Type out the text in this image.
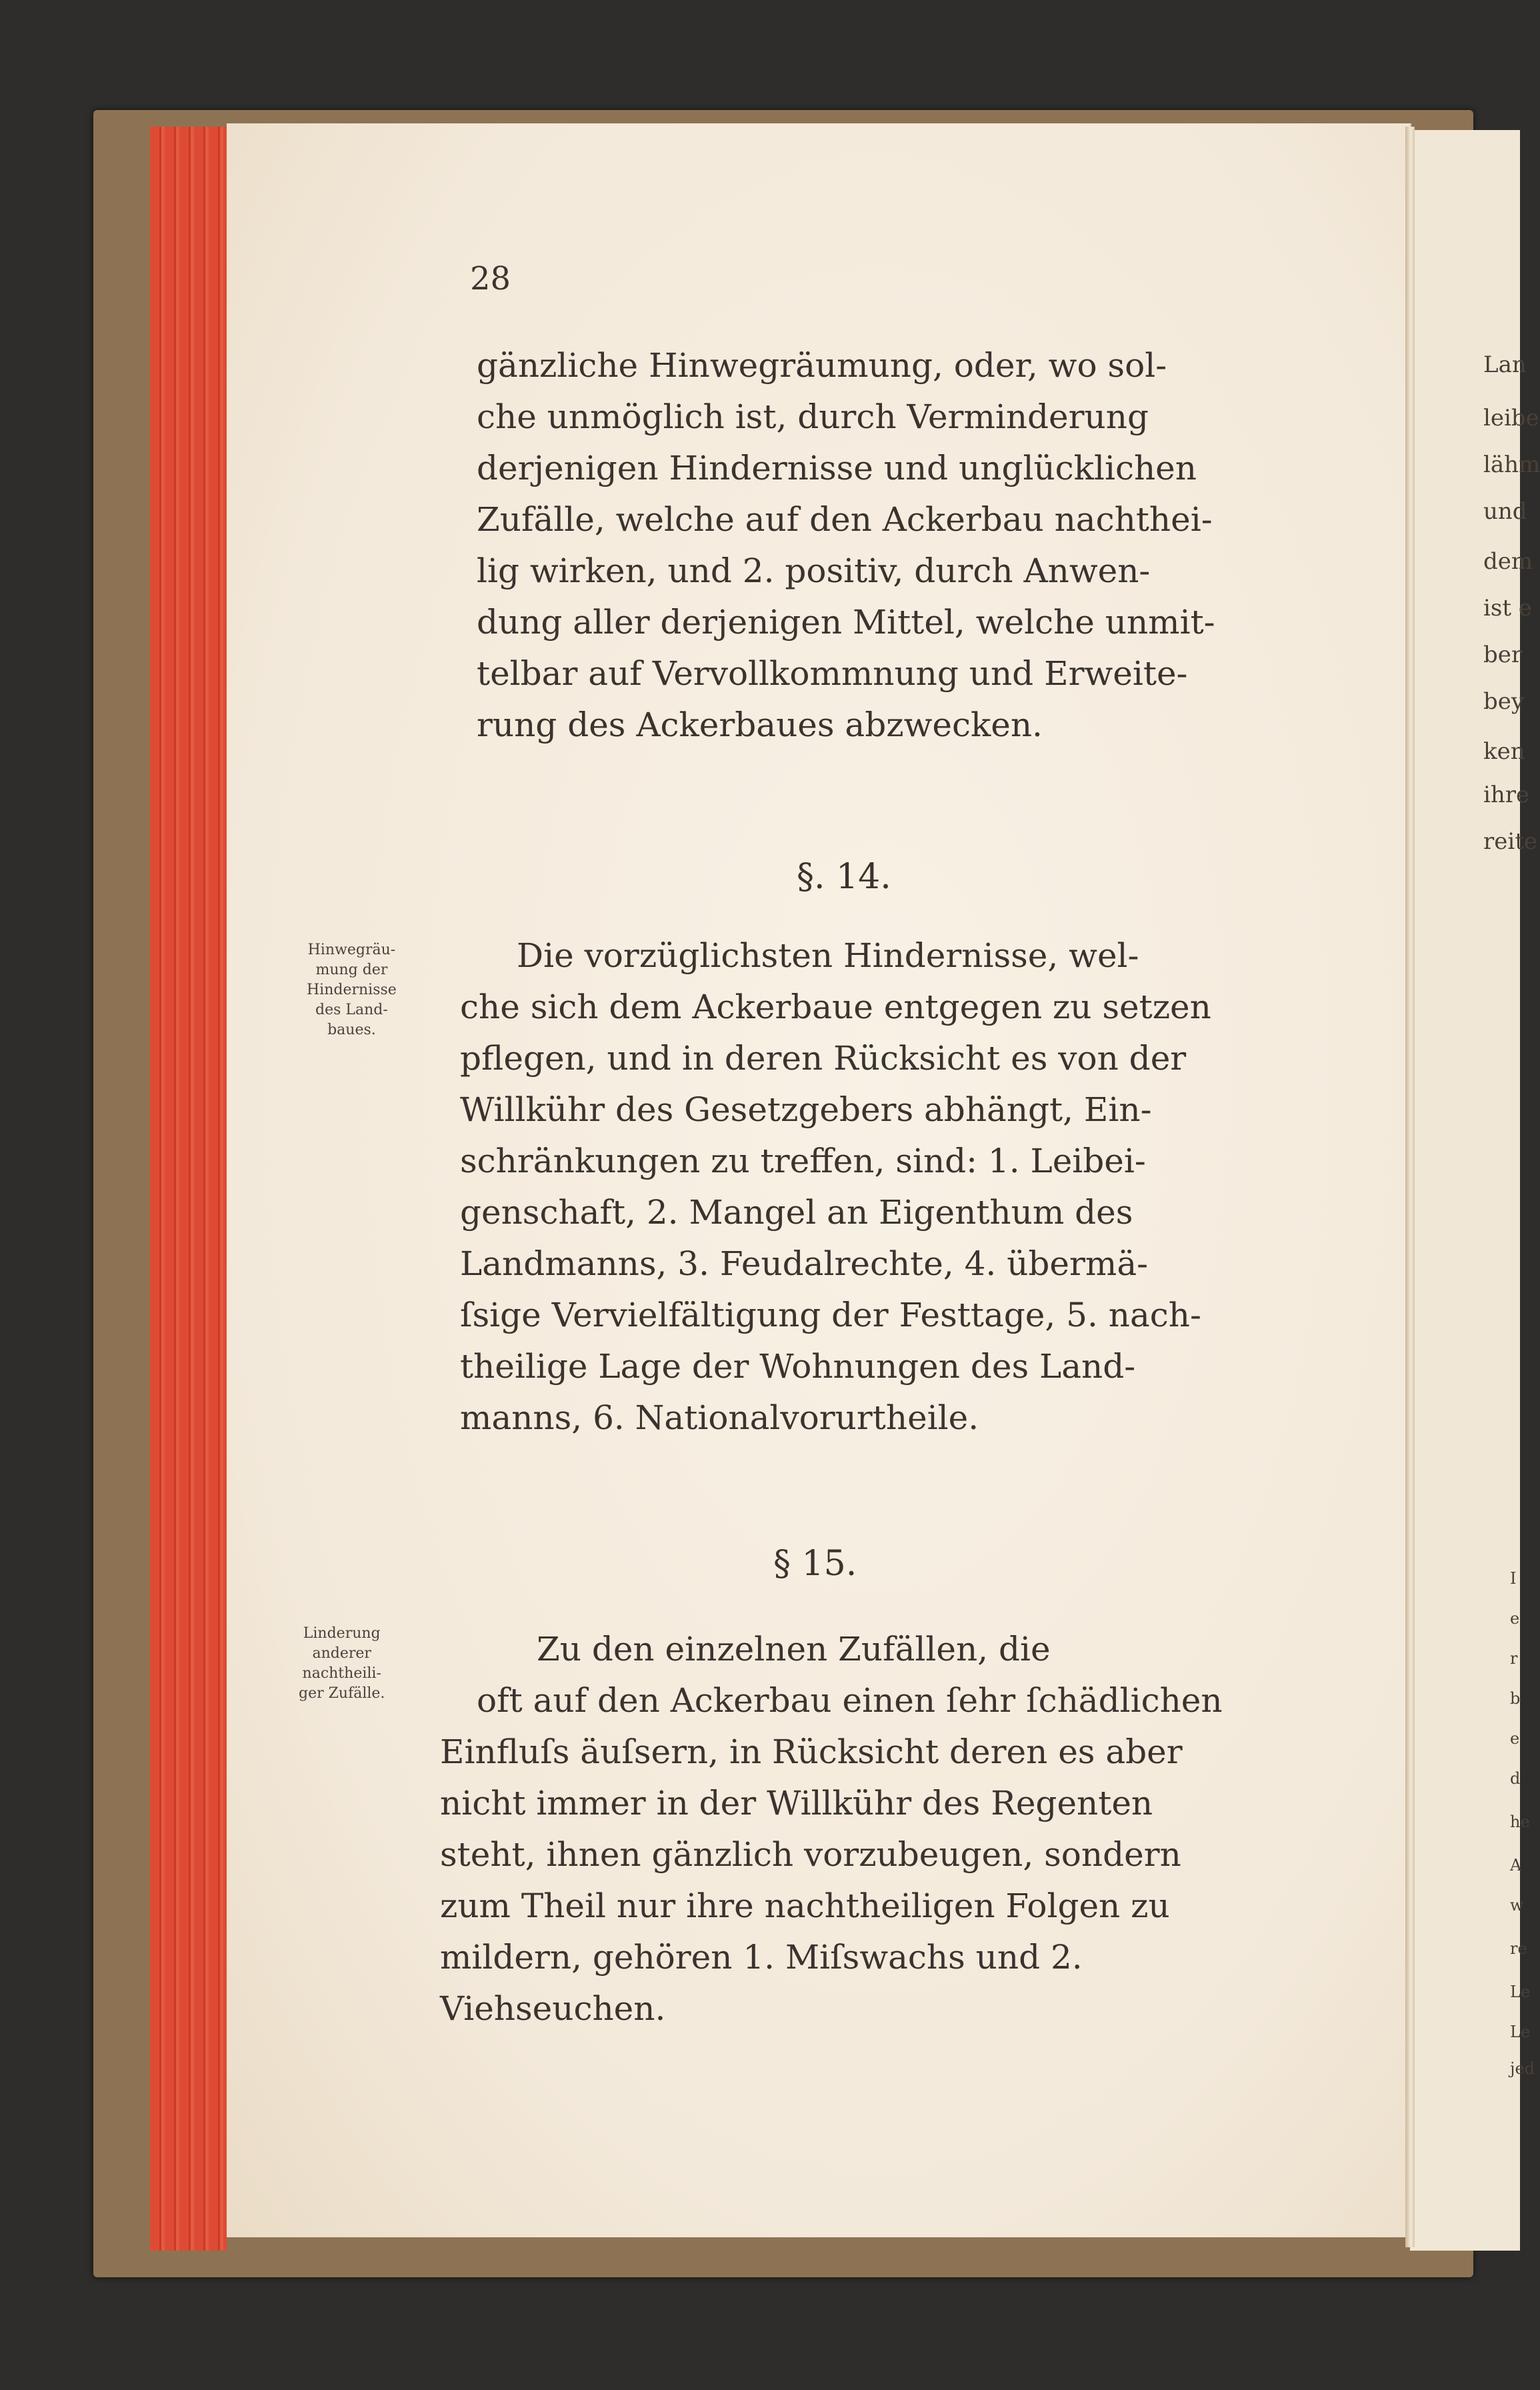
Lan
leibe
lähm
und
dem
ist e
ber
bey
ken
ihre
reite
I
e
r
b
e
d
he
A
w
re
Le
Le
jed
28
gänzliche Hinwegräumung, oder, wo sol-
che unmöglich ist, durch Verminderung
derjenigen Hindernisse und unglücklichen
Zufälle, welche auf den Ackerbau nachthei-
lig wirken, und 2. positiv, durch Anwen-
dung aller derjenigen Mittel, welche unmit-
telbar auf Vervollkommnung und Erweite-
rung des Ackerbaues abzwecken.
§. 14.
Hinwegräu-
mung der
Hindernisse
des Land-
baues.
Die vorzüglichsten Hindernisse, wel-
che sich dem Ackerbaue entgegen zu setzen
pflegen, und in deren Rücksicht es von der
Willkühr des Gesetzgebers abhängt, Ein-
schränkungen zu treffen, sind: 1. Leibei-
genschaft, 2. Mangel an Eigenthum des
Landmanns, 3. Feudalrechte, 4. übermä-
ſsige Vervielfältigung der Festtage, 5. nach-
theilige Lage der Wohnungen des Land-
manns, 6. Nationalvorurtheile.
§ 15.
Linderung
anderer
nachtheili-
ger Zufälle.
Zu den einzelnen Zufällen, die
oft auf den Ackerbau einen ſehr ſchädlichen
Einfluſs äuſsern, in Rücksicht deren es aber
nicht immer in der Willkühr des Regenten
steht, ihnen gänzlich vorzubeugen, sondern
zum Theil nur ihre nachtheiligen Folgen zu
mildern, gehören 1. Miſswachs und 2.
Viehseuchen.
